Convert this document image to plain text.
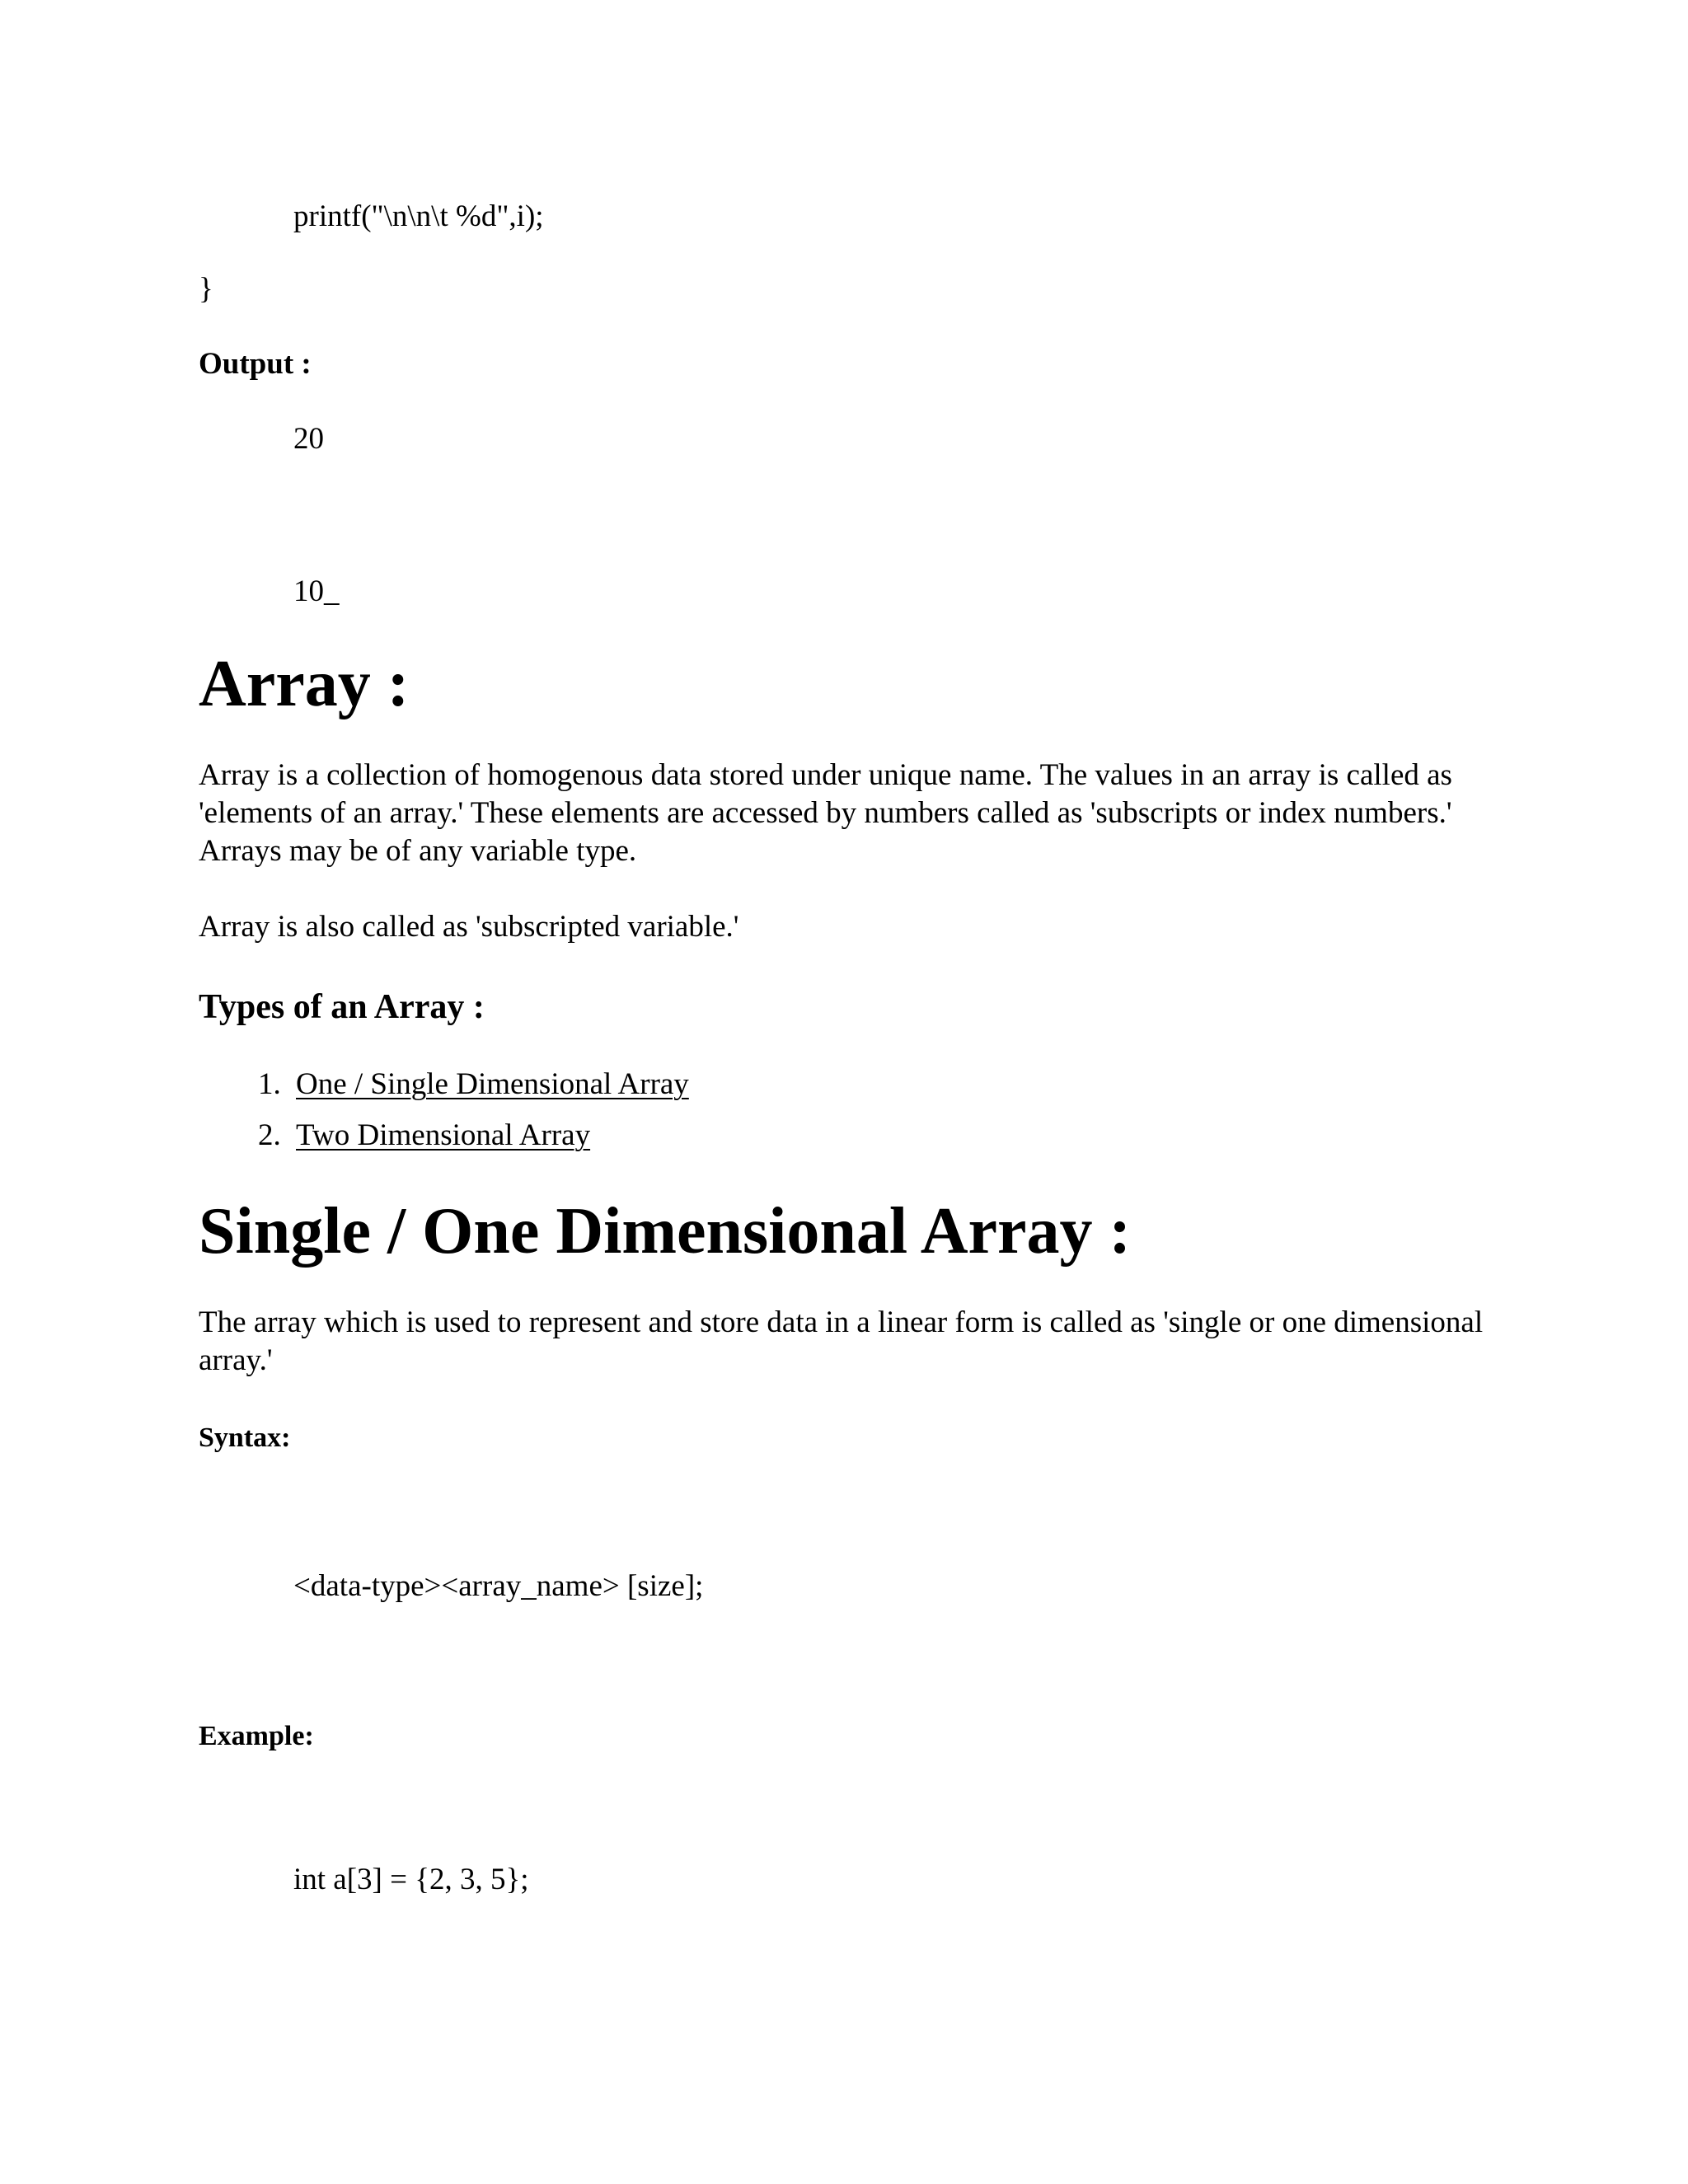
printf("\n\n\t %d",i);
}
Output :
20
10_
Array :
Array is a collection of homogenous data stored under unique name. The values in an array is called as 'elements of an array.' These elements are accessed by numbers called as 'subscripts or index numbers.' Arrays may be of any variable type.
Array is also called as 'subscripted variable.'
Types of an Array :
1. One / Single Dimensional Array
2. Two Dimensional Array
Single / One Dimensional Array :
The array which is used to represent and store data in a linear form is called as 'single or one dimensional array.'
Syntax:
<data-type><array_name> [size];
Example:
int a[3] = {2, 3, 5};
